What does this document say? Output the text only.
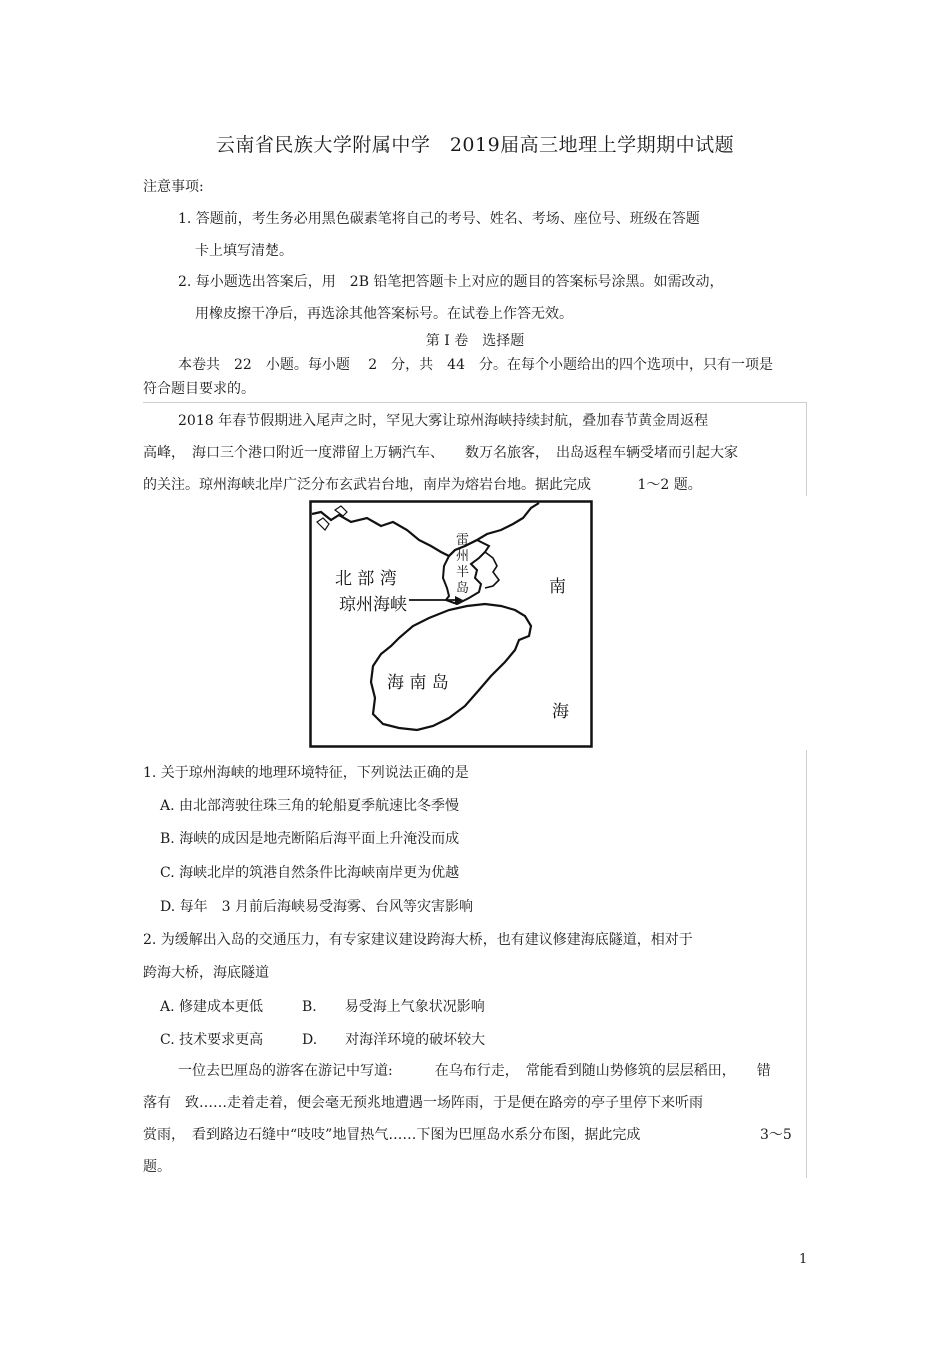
云南省民族大学附属中学　2019届高三地理上学期期中试题
注意事项:
1. 答题前，考生务必用黑色碳素笔将自己的考号、姓名、考场、座位号、班级在答题
卡上填写清楚。
2. 每小题选出答案后，用　2B 铅笔把答题卡上对应的题目的答案标号涂黑。如需改动，
用橡皮擦干净后，再选涂其他答案标号。在试卷上作答无效。
第 Ⅰ 卷　选择题
本卷共　22　小题。每小题　 2　分，共　44　分。在每个小题给出的四个选项中，只有一项是
符合题目要求的。
2018 年春节假期进入尾声之时，罕见大雾让琼州海峡持续封航，叠加春节黄金周返程
高峰，　海口三个港口附近一度滞留上万辆汽车、　　数万名旅客，　出岛返程车辆受堵而引起大家
的关注。琼州海峡北岸广泛分布玄武岩台地，南岸为熔岩台地。据此完成　　　 1～2 题。
北 部 湾
琼州海峡
南
海
海 南 岛
雷
州
半
岛
1. 关于琼州海峡的地理环境特征，下列说法正确的是
A. 由北部湾驶往珠三角的轮船夏季航速比冬季慢
B. 海峡的成因是地壳断陷后海平面上升淹没而成
C. 海峡北岸的筑港自然条件比海峡南岸更为优越
D. 每年　3 月前后海峡易受海雾、台风等灾害影响
2. 为缓解出入岛的交通压力，有专家建议建设跨海大桥，也有建议修建海底隧道，相对于
跨海大桥，海底隧道
A. 修建成本更低	B.　　易受海上气象状况影响
C. 技术要求更高	D.　　对海洋环境的破坏较大
一位去巴厘岛的游客在游记中写道:　　　在乌布行走，　常能看到随山势修筑的层层稻田，　　错
落有　致……走着走着，便会毫无预兆地遭遇一场阵雨，于是便在路旁的亭子里停下来听雨
赏雨，　看到路边石缝中“吱吱”地冒热气……下图为巴厘岛水系分布图，据此完成	3～5
题。
1
